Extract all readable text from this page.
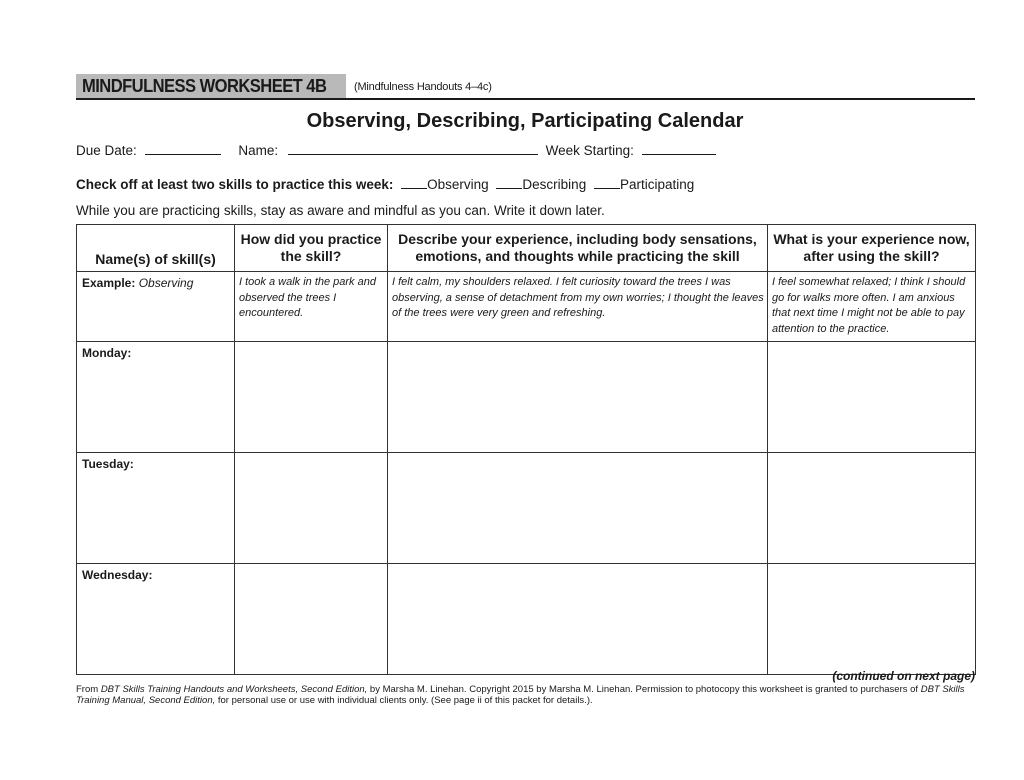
MINDFULNESS WORKSHEET 4B	(Mindfulness Handouts 4–4c)
Observing, Describing, Participating Calendar
Due Date:	Name:	Week Starting:
Check off at least two skills to practice this week:	Observing	Describing	Participating
While you are practicing skills, stay as aware and mindful as you can. Write it down later.
Name(s) of skill(s)	How did you practice the skill?	Describe your experience, including body sensations, emotions, and thoughts while practicing the skill	What is your experience now, after using the skill?
Example: Observing	I took a walk in the park and observed the trees I encountered.	I felt calm, my shoulders relaxed. I felt curiosity toward the trees I was observing, a sense of detachment from my own worries; I thought the leaves of the trees were very green and refreshing.	I feel somewhat relaxed; I think I should go for walks more often. I am anxious that next time I might not be able to pay attention to the practice.
Monday:			
Tuesday:			
Wednesday:			
(continued on next page)
From DBT Skills Training Handouts and Worksheets, Second Edition, by Marsha M. Linehan. Copyright 2015 by Marsha M. Linehan. Permission to photocopy this worksheet is granted to purchasers of DBT Skills Training Manual, Second Edition, for personal use or use with individual clients only. (See page ii of this packet for details.).
